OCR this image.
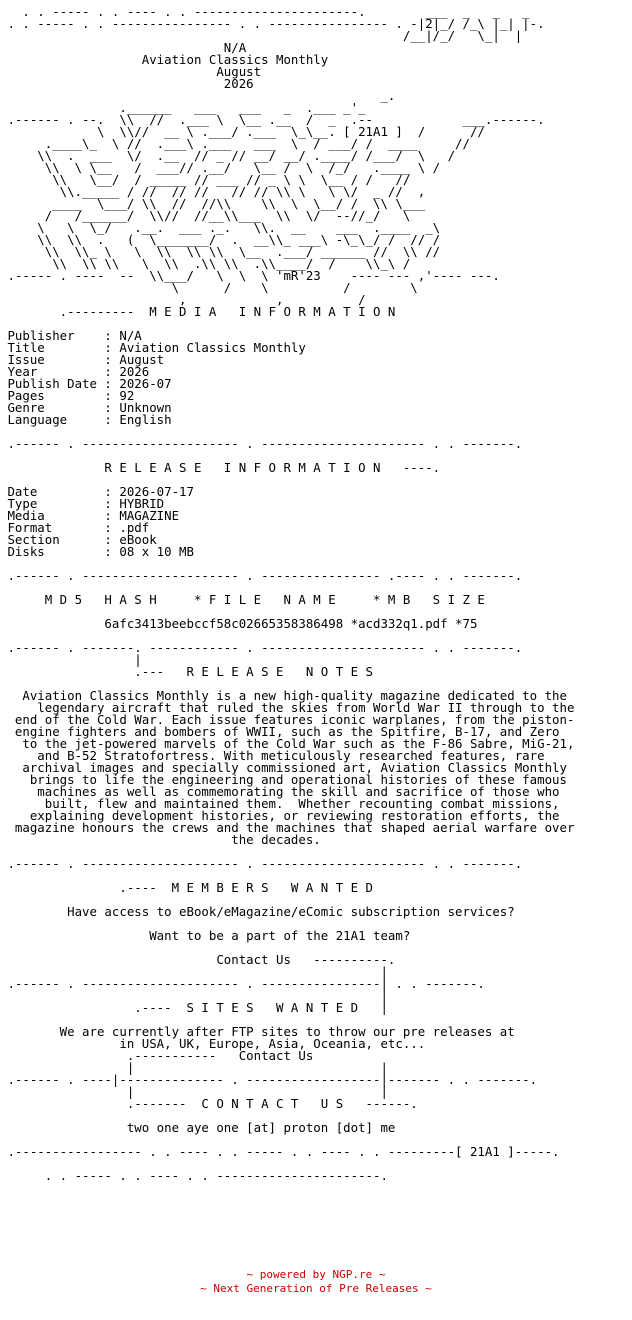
. . ----- . . ---- . . ----------------------.        ___  _   _   _
. . ----- . . ---------------- . . ---------------- . -|2|_/ /_\ |_| |-.
/__|/_/   \_|  |
N/A
Aviation Classics Monthly
August
2026
_.
.______   ___   ___   _  .___ _'_
.------ . --.  \\  //  .___ \  \__ .__  /  _  .--            ___.------.
\  \\//  __ \ .___/ .___  \_\__. [ 21A1 ]  /      //
.____\_  \ //  .___\ .___   ___  \  / ___/ /  ____     //
\\  .  ___  \/  .__  // _ // __/ __/ .____/ /___/  \   /
\\  \ \__   /  ___// .__/   \__ /  \  /_/   .____ \ /
\\   \__/  / _____ // ___ // _ \ \  \__ / /   //
\\._____ / //  // //   // // \\ \   \ \/  _ //  ,
____  \___/ \\  //  //\\    \\  \  \__/ /  \\ \___
/   /______/  \\//  //__\\___  \\  \/  --//_/   \
\   \  \_/   .__.  ___ ._.   \\.  __    ___  .____  _\
\\  \\  .   (  \_______/  .  __\\_ ___\ -\_\_/ /  // /
\\  \\_ \   \  \\  \\ \\  \__  .___/ ______ //  \\ //
\\  \\ \\   \  \\  .\\ \\  .\\____/  /    \\_\ /
.----- . ----  --  \\___/   \  \  \ 'mR'23    ---- --- ,'---- ---.
\      /    \          /        \
,            ,          /
.---------  M E D I A   I N F O R M A T I O N

Publisher    : N/A
Title        : Aviation Classics Monthly
Issue        : August
Year         : 2026
Publish Date : 2026-07
Pages        : 92
Genre        : Unknown
Language     : English

.------ . --------------------- . ---------------------- . . -------.

R E L E A S E   I N F O R M A T I O N   ----.

Date         : 2026-07-17
Type         : HYBRID
Media        : MAGAZINE
Format       : .pdf
Section      : eBook
Disks        : 08 x 10 MB

.------ . --------------------- . ---------------- .---- . . -------.

M D 5   H A S H     * F I L E   N A M E     * M B   S I Z E

6afc3413beebccf58c02665358386498 *acd332q1.pdf *75

.------ . -------. ------------ . ---------------------- . . -------.
|
.---   R E L E A S E   N O T E S

Aviation Classics Monthly is a new high-quality magazine dedicated to the
legendary aircraft that ruled the skies from World War II through to the
end of the Cold War. Each issue features iconic warplanes, from the piston-
engine fighters and bombers of WWII, such as the Spitfire, B-17, and Zero
to the jet-powered marvels of the Cold War such as the F-86 Sabre, MiG-21,
and B-52 Stratofortress. With meticulously researched features, rare
archival images and specially commissioned art, Aviation Classics Monthly
brings to life the engineering and operational histories of these famous
machines as well as commemorating the skill and sacrifice of those who
built, flew and maintained them.  Whether recounting combat missions,
explaining development histories, or reviewing restoration efforts, the
magazine honours the crews and the machines that shaped aerial warfare over
the decades.

.------ . --------------------- . ---------------------- . . -------.

.----  M E M B E R S   W A N T E D

Have access to eBook/eMagazine/eComic subscription services?

Want to be a part of the 21A1 team?

Contact Us   ----------.
|
.------ . --------------------- . ----------------| . . -------.
|
.----  S I T E S   W A N T E D   |

We are currently after FTP sites to throw our pre releases at
in USA, UK, Europe, Asia, Oceania, etc...
.-----------   Contact Us
|                                 |
.------ . ----|-------------- . ------------------|------- . . -------.
|                                 |
.-------  C O N T A C T   U S   ------.

two one aye one [at] proton [dot] me

.----------------- . . ---- . . ----- . . ---- . . ---------[ 21A1 ]-----.

. . ----- . . ---- . . ----------------------.
~ powered by NGP.re ~
~ Next Generation of Pre Releases ~
